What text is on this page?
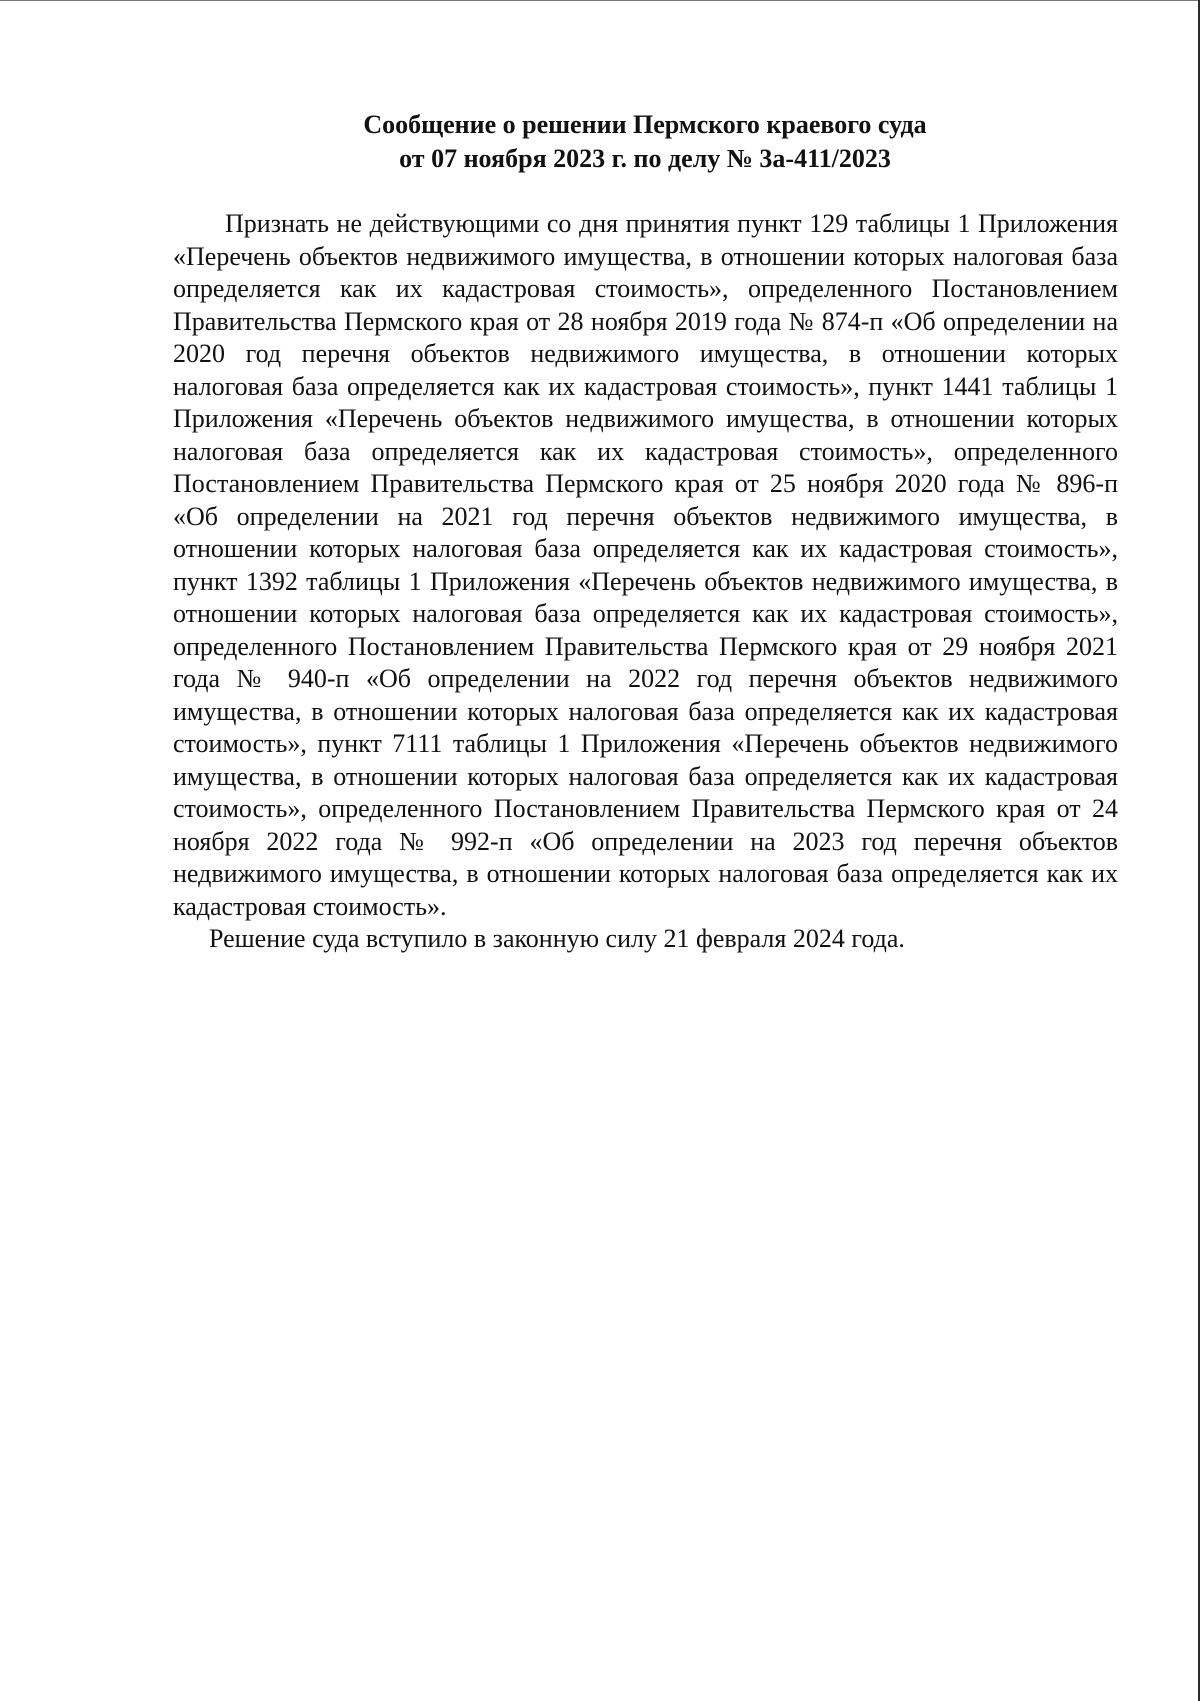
Сообщение о решении Пермского краевого суда
от 07 ноября 2023 г. по делу № 3а-411/2023

Признать не действующими со дня принятия пункт 129 таблицы 1 Приложения «Перечень объектов недвижимого имущества, в отношении которых налоговая база определяется как их кадастровая стоимость», определенного Постановлением Правительства Пермского края от 28 ноября 2019 года № 874-п «Об определении на 2020 год перечня объектов недвижимого имущества, в отношении которых налоговая база определяется как их кадастровая стоимость», пункт 1441 таблицы 1 Приложения «Перечень объектов недвижимого имущества, в отношении которых налоговая база определяется как их кадастровая стоимость», определенного Постановлением Правительства Пермского края от 25 ноября 2020 года № 896-п «Об определении на 2021 год перечня объектов недвижимого имущества, в отношении которых налоговая база определяется как их кадастровая стоимость», пункт 1392 таблицы 1 Приложения «Перечень объектов недвижимого имущества, в отношении которых налоговая база определяется как их кадастровая стоимость», определенного Постановлением Правительства Пермского края от 29 ноября 2021 года № 940-п «Об определении на 2022 год перечня объектов недвижимого имущества, в отношении которых налоговая база определяется как их кадастровая стоимость», пункт 7111 таблицы 1 Приложения «Перечень объектов недвижимого имущества, в отношении которых налоговая база определяется как их кадастровая стоимость», определенного Постановлением Правительства Пермского края от 24 ноября 2022 года № 992-п «Об определении на 2023 год перечня объектов недвижимого имущества, в отношении которых налоговая база определяется как их кадастровая стоимость».

Решение суда вступило в законную силу 21 февраля 2024 года.
